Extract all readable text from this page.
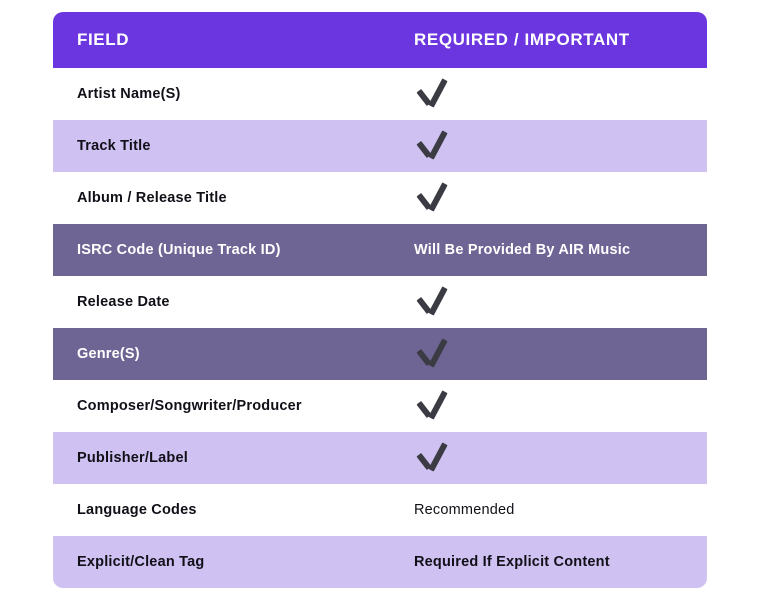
FIELD	REQUIRED / IMPORTANT
Artist Name(S)
Track Title
Album / Release Title
ISRC Code (Unique Track ID)	Will Be Provided By AIR Music
Release Date
Genre(S)
Composer/Songwriter/Producer
Publisher/Label
Language Codes	Recommended
Explicit/Clean Tag	Required If Explicit Content
